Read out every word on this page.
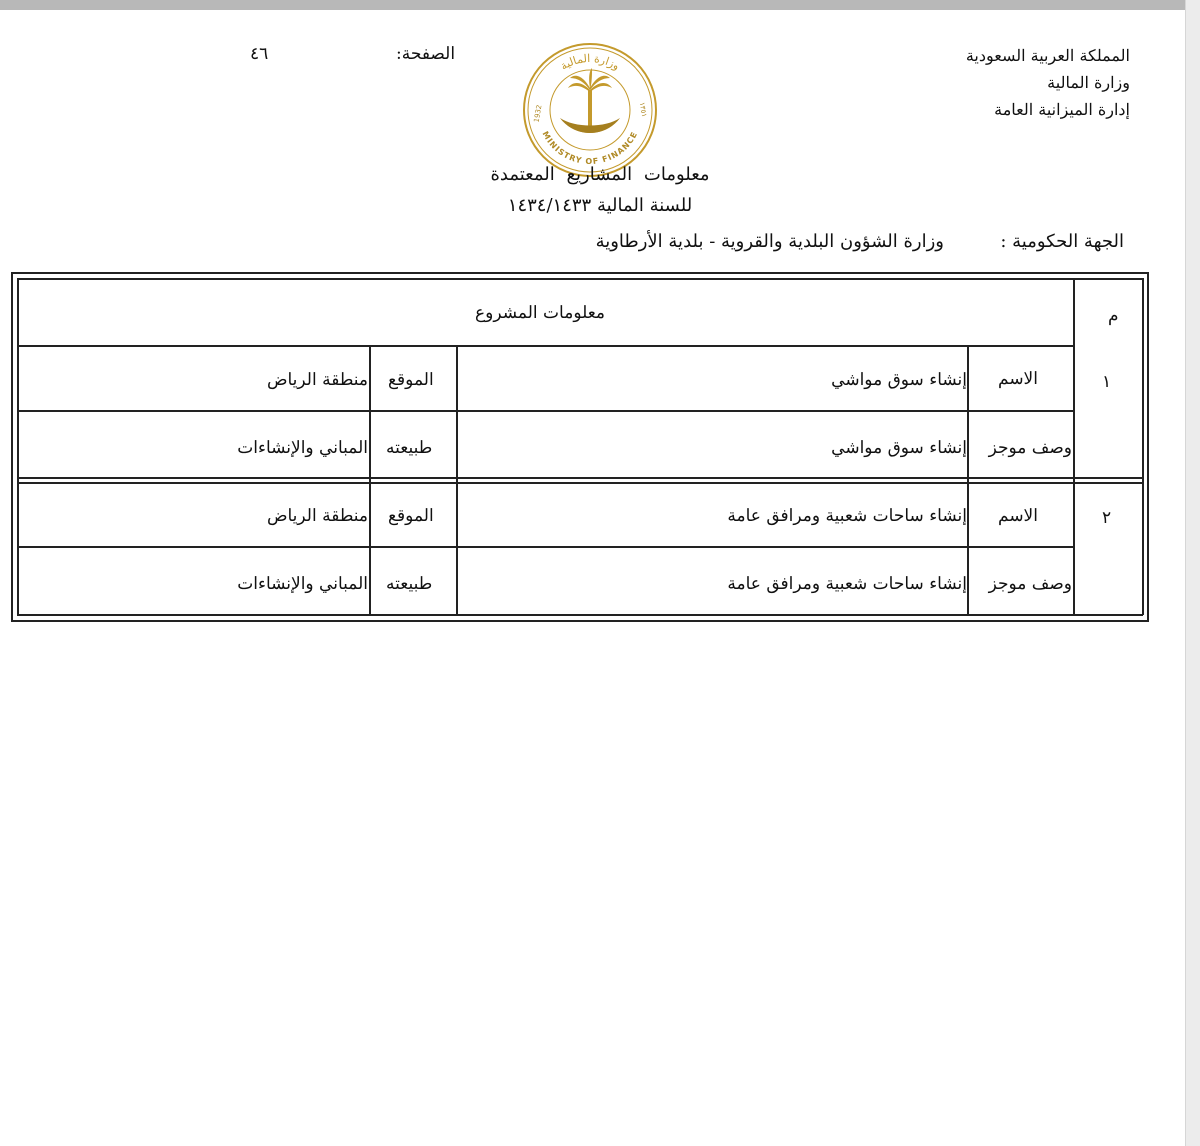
المملكة العربية السعودية
وزارة المالية
إدارة الميزانية العامة
الصفحة:
٤٦
وزارة المالية
MINISTRY OF FINANCE
1932	١٣٥١
معلومات المشاريع المعتمدة
للسنة المالية ١٤٣٤/١٤٣٣
الجهة الحكومية :
وزارة الشؤون البلدية والقروية - بلدية الأرطاوية
م
معلومات المشروع
١
الاسم
إنشاء سوق مواشي
الموقع
منطقة الرياض
وصف موجز
إنشاء سوق مواشي
طبيعته
المباني والإنشاءات
٢
الاسم
إنشاء ساحات شعبية ومرافق عامة
الموقع
منطقة الرياض
وصف موجز
إنشاء ساحات شعبية ومرافق عامة
طبيعته
المباني والإنشاءات
